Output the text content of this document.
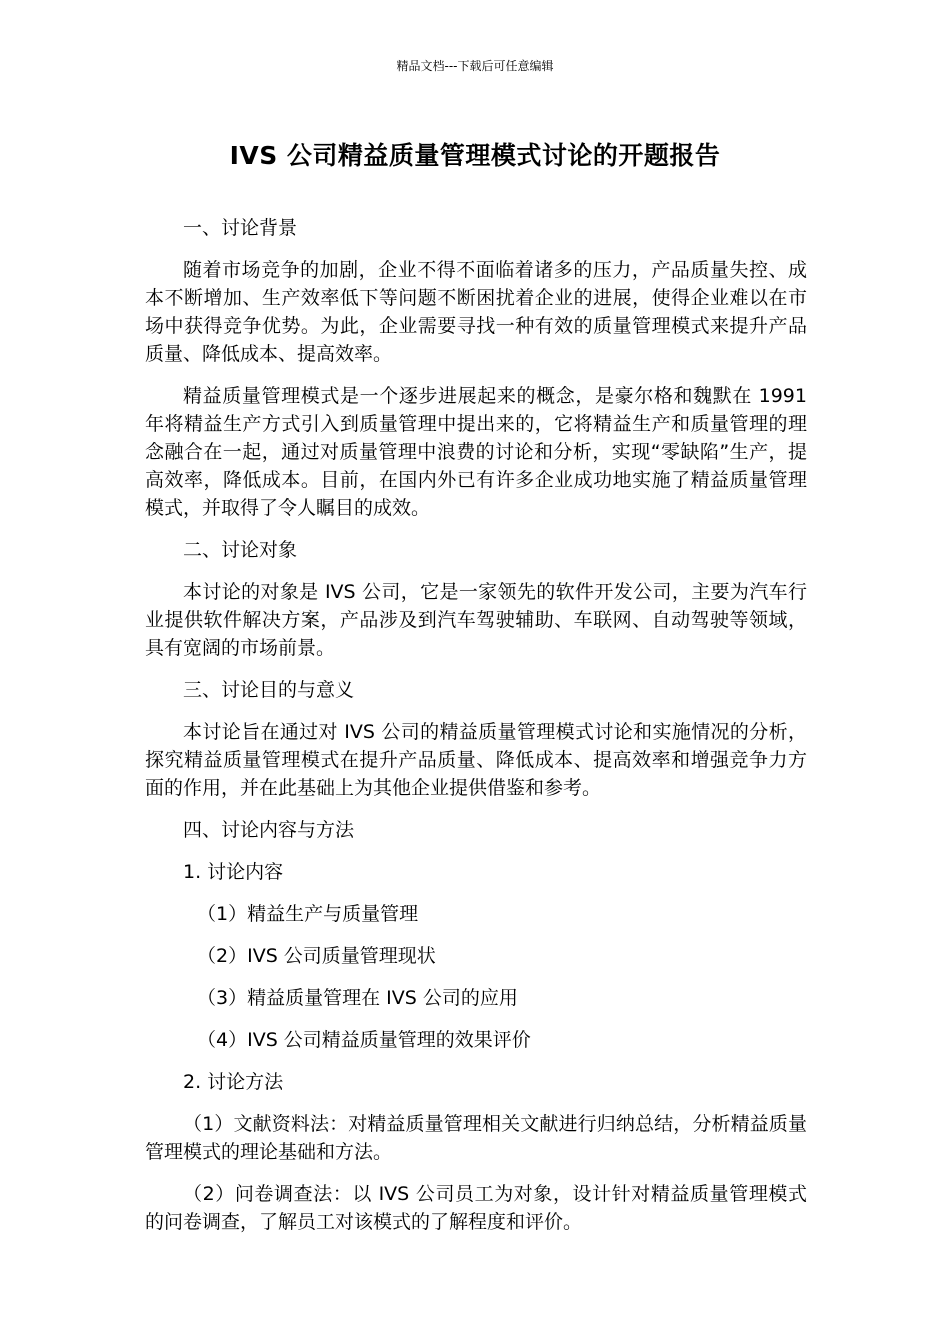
精品文档---下载后可任意编辑
IVS 公司精益质量管理模式讨论的开题报告

一、讨论背景

随着市场竞争的加剧，企业不得不面临着诸多的压力，产品质量失控、成本不断增加、生产效率低下等问题不断困扰着企业的进展，使得企业难以在市场中获得竞争优势。为此，企业需要寻找一种有效的质量管理模式来提升产品质量、降低成本、提高效率。

精益质量管理模式是一个逐步进展起来的概念，是豪尔格和魏默在 1991 年将精益生产方式引入到质量管理中提出来的，它将精益生产和质量管理的理念融合在一起，通过对质量管理中浪费的讨论和分析，实现“零缺陷”生产，提高效率，降低成本。目前，在国内外已有许多企业成功地实施了精益质量管理模式，并取得了令人瞩目的成效。

二、讨论对象

本讨论的对象是 IVS 公司，它是一家领先的软件开发公司，主要为汽车行业提供软件解决方案，产品涉及到汽车驾驶辅助、车联网、自动驾驶等领域，具有宽阔的市场前景。

三、讨论目的与意义

本讨论旨在通过对 IVS 公司的精益质量管理模式讨论和实施情况的分析，探究精益质量管理模式在提升产品质量、降低成本、提高效率和增强竞争力方面的作用，并在此基础上为其他企业提供借鉴和参考。

四、讨论内容与方法

1. 讨论内容

（1）精益生产与质量管理

（2）IVS 公司质量管理现状

（3）精益质量管理在 IVS 公司的应用

（4）IVS 公司精益质量管理的效果评价

2. 讨论方法

（1）文献资料法：对精益质量管理相关文献进行归纳总结，分析精益质量管理模式的理论基础和方法。

（2）问卷调查法：以 IVS 公司员工为对象，设计针对精益质量管理模式的问卷调查，了解员工对该模式的了解程度和评价。
